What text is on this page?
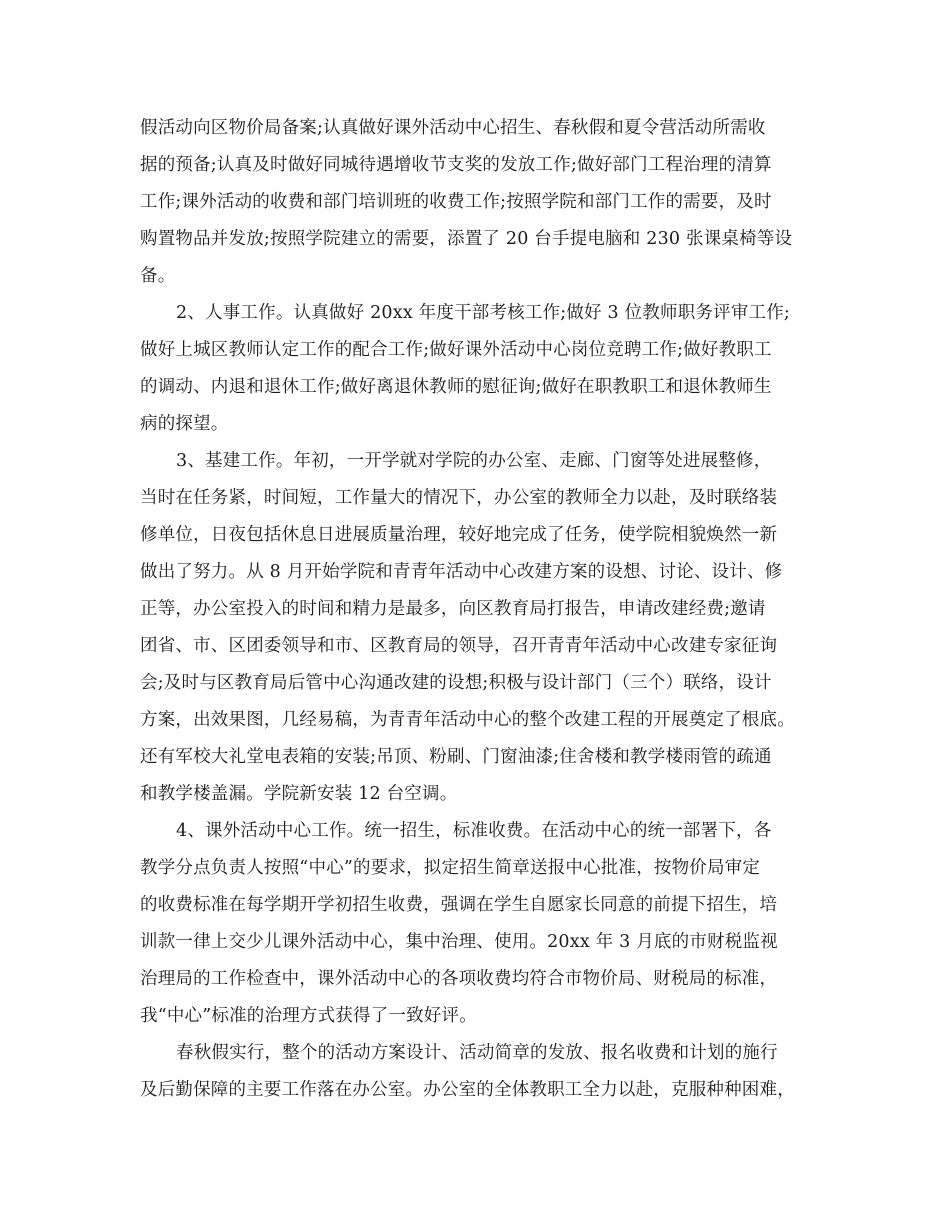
假活动向区物价局备案;认真做好课外活动中心招生、春秋假和夏令营活动所需收
据的预备;认真及时做好同城待遇增收节支奖的发放工作;做好部门工程治理的清算
工作;课外活动的收费和部门培训班的收费工作;按照学院和部门工作的需要，及时
购置物品并发放;按照学院建立的需要，添置了 20 台手提电脑和 230 张课桌椅等设
备。
2、人事工作。认真做好 20xx 年度干部考核工作;做好 3 位教师职务评审工作;
做好上城区教师认定工作的配合工作;做好课外活动中心岗位竞聘工作;做好教职工
的调动、内退和退休工作;做好离退休教师的慰征询;做好在职教职工和退休教师生
病的探望。
3、基建工作。年初，一开学就对学院的办公室、走廊、门窗等处进展整修，
当时在任务紧，时间短，工作量大的情况下，办公室的教师全力以赴，及时联络装
修单位，日夜包括休息日进展质量治理，较好地完成了任务，使学院相貌焕然一新
做出了努力。从 8 月开始学院和青青年活动中心改建方案的设想、讨论、设计、修
正等，办公室投入的时间和精力是最多，向区教育局打报告，申请改建经费;邀请
团省、市、区团委领导和市、区教育局的领导，召开青青年活动中心改建专家征询
会;及时与区教育局后管中心沟通改建的设想;积极与设计部门（三个）联络，设计
方案，出效果图，几经易稿，为青青年活动中心的整个改建工程的开展奠定了根底。
还有军校大礼堂电表箱的安装;吊顶、粉刷、门窗油漆;住舍楼和教学楼雨管的疏通
和教学楼盖漏。学院新安装 12 台空调。
4、课外活动中心工作。统一招生，标准收费。在活动中心的统一部署下，各
教学分点负责人按照“中心”的要求，拟定招生简章送报中心批准，按物价局审定
的收费标准在每学期开学初招生收费，强调在学生自愿家长同意的前提下招生，培
训款一律上交少儿课外活动中心，集中治理、使用。20xx 年 3 月底的市财税监视
治理局的工作检查中，课外活动中心的各项收费均符合市物价局、财税局的标准，
我“中心”标准的治理方式获得了一致好评。
春秋假实行，整个的活动方案设计、活动简章的发放、报名收费和计划的施行
及后勤保障的主要工作落在办公室。办公室的全体教职工全力以赴，克服种种困难，
